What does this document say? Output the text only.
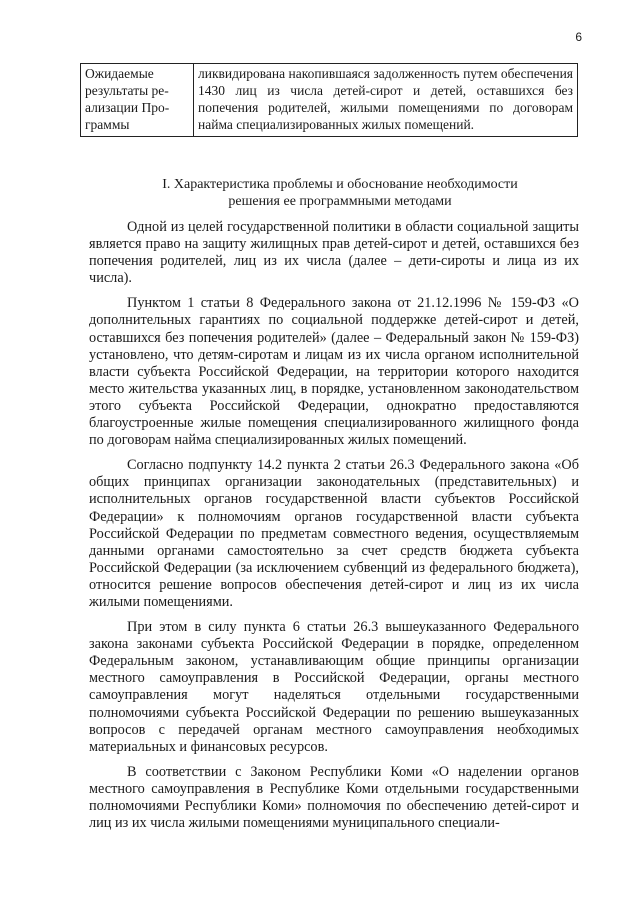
6
Ожидаемые результаты реализации Программы	ликвидирована накопившаяся задолженность путем обеспечения 1430 лиц из числа детей-сирот и детей, оставшихся без попечения родителей, жилыми помещениями по договорам найма специализированных жилых помещений.
I. Характеристика проблемы и обоснование необходимости
решения ее программными методами

Одной из целей государственной политики в области социальной защиты является право на защиту жилищных прав детей-сирот и детей, оставшихся без попечения родителей, лиц из их числа (далее – дети-сироты и лица из их числа).

Пунктом 1 статьи 8 Федерального закона от 21.12.1996 № 159-ФЗ «О дополнительных гарантиях по социальной поддержке детей-сирот и детей, оставшихся без попечения родителей» (далее – Федеральный закон № 159-ФЗ) установлено, что детям-сиротам и лицам из их числа органом исполнительной власти субъекта Российской Федерации, на территории которого находится место жительства указанных лиц, в порядке, установленном законодательством этого субъекта Российской Федерации, однократно предоставляются благоустроенные жилые помещения специализированного жилищного фонда по договорам найма специализированных жилых помещений.

Согласно подпункту 14.2 пункта 2 статьи 26.3 Федерального закона «Об общих принципах организации законодательных (представительных) и исполнительных органов государственной власти субъектов Российской Федерации» к полномочиям органов государственной власти субъекта Российской Федерации по предметам совместного ведения, осуществляемым данными органами самостоятельно за счет средств бюджета субъекта Российской Федерации (за исключением субвенций из федерального бюджета), относится решение вопросов обеспечения детей-сирот и лиц из их числа жилыми помещениями.

При этом в силу пункта 6 статьи 26.3 вышеуказанного Федерального закона законами субъекта Российской Федерации в порядке, определенном Федеральным законом, устанавливающим общие принципы организации местного самоуправления в Российской Федерации, органы местного самоуправления могут наделяться отдельными государственными полномочиями субъекта Российской Федерации по решению вышеуказанных вопросов с передачей органам местного самоуправления необходимых материальных и финансовых ресурсов.

В соответствии с Законом Республики Коми «О наделении органов местного самоуправления в Республике Коми отдельными государственными полномочиями Республики Коми» полномочия по обеспечению детей-сирот и лиц из их числа жилыми помещениями муниципального специали-
